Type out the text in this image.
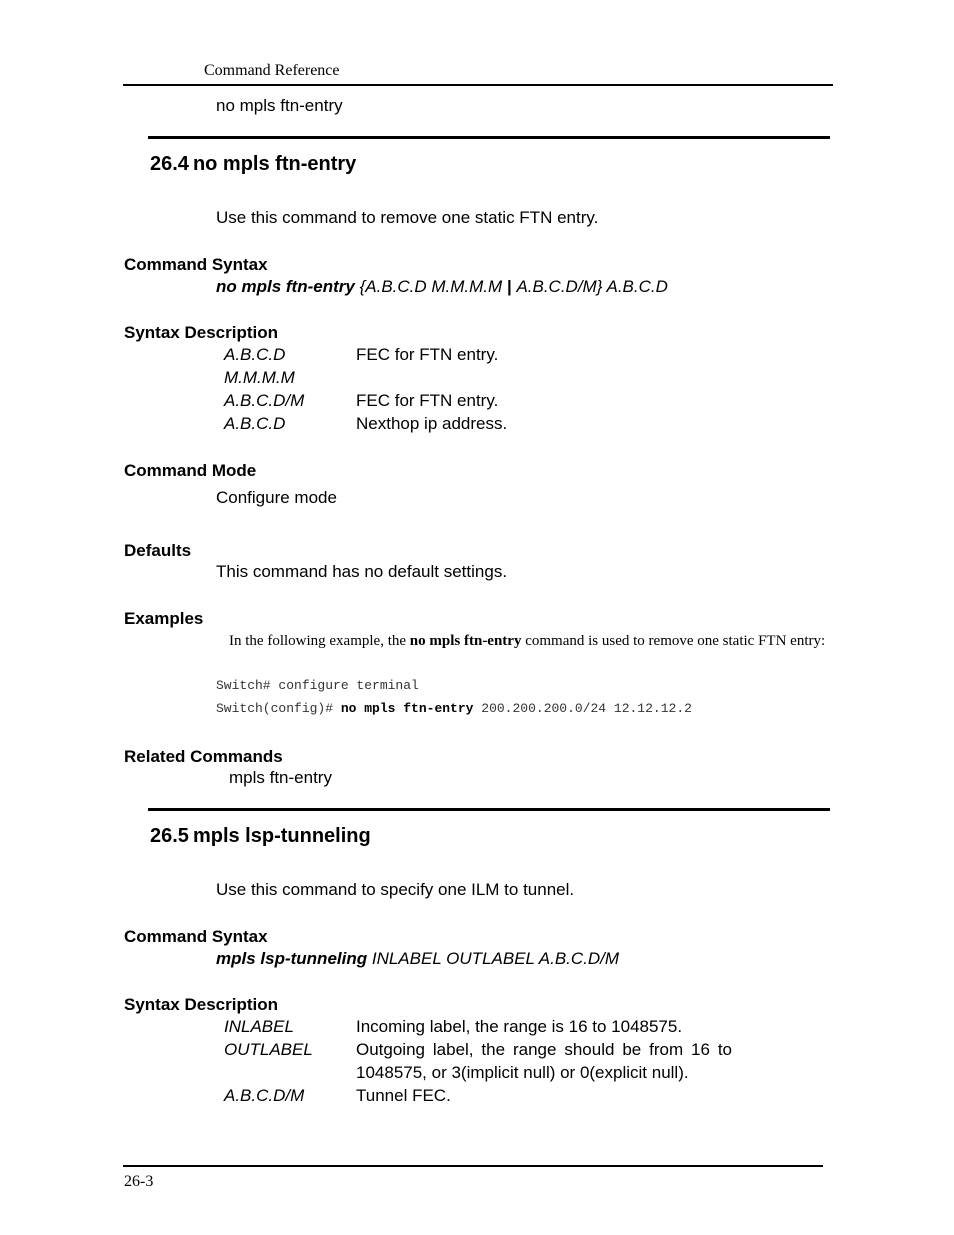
Command Reference
no mpls ftn-entry
26.4 no mpls ftn-entry
Use this command to remove one static FTN entry.
Command Syntax
no mpls ftn-entry {A.B.C.D M.M.M.M | A.B.C.D/M} A.B.C.D
Syntax Description
A.B.C.D	FEC for FTN entry.
M.M.M.M
A.B.C.D/M	FEC for FTN entry.
A.B.C.D	Nexthop ip address.
Command Mode
Configure mode
Defaults
This command has no default settings.
Examples
In the following example, the no mpls ftn-entry command is used to remove one static FTN entry:
Switch# configure terminal
Switch(config)# no mpls ftn-entry 200.200.200.0/24 12.12.12.2
Related Commands
mpls ftn-entry
26.5 mpls lsp-tunneling
Use this command to specify one ILM to tunnel.
Command Syntax
mpls lsp-tunneling INLABEL OUTLABEL A.B.C.D/M
Syntax Description
INLABEL	Incoming label, the range is 16 to 1048575.
OUTLABEL	Outgoing label, the range should be from 16 to
1048575, or 3(implicit null) or 0(explicit null).
A.B.C.D/M	Tunnel FEC.
26-3
